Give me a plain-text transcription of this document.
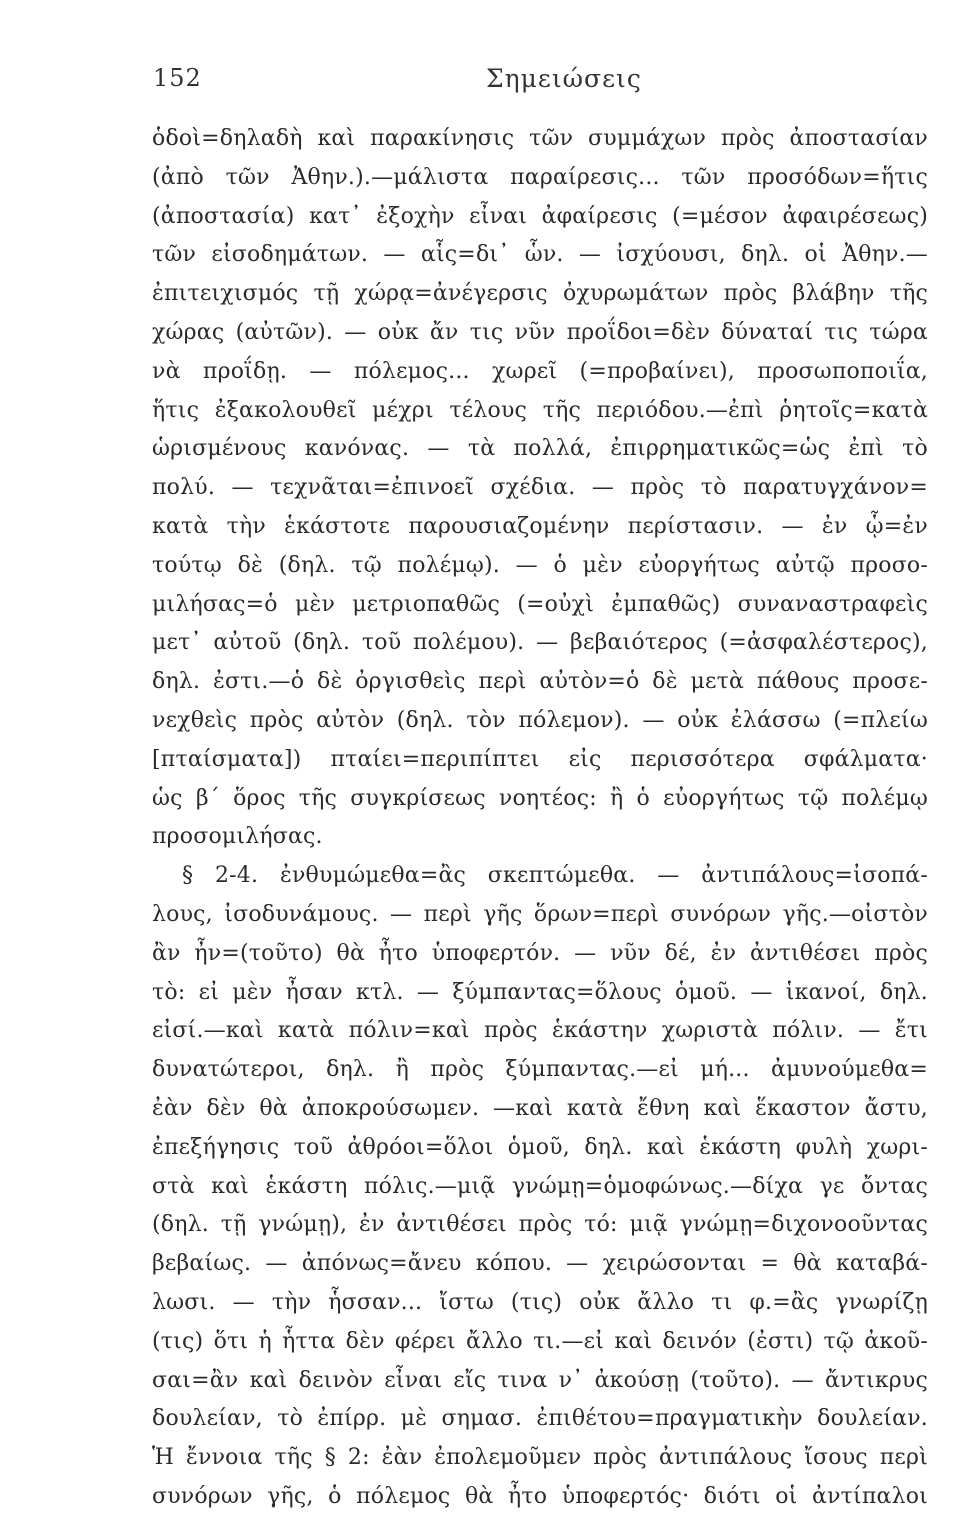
152	Σημειώσεις
ὁδοὶ=δηλαδὴ καὶ παρακίνησις τῶν συμμάχων πρὸς ἀποστασίαν
(ἀπὸ τῶν Ἀθην.).—μάλιστα παραίρεσις... τῶν προσόδων=ἥτις
(ἀποστασία) κατ᾿ ἐξοχὴν εἶναι ἀφαίρεσις (=μέσον ἀφαιρέσεως)
τῶν εἰσοδημάτων. — αἷς=δι᾿ ὧν. — ἰσχύουσι, δηλ. οἱ Ἀθην.—
ἐπιτειχισμός τῇ χώρᾳ=ἀνέγερσις ὀχυρωμάτων πρὸς βλάβην τῆς
χώρας (αὐτῶν). — οὐκ ἄν τις νῦν προΐδοι=δὲν δύναταί τις τώρα
νὰ προΐδῃ. — πόλεμος... χωρεῖ (=προβαίνει), προσωποποιΐα,
ἥτις ἐξακολουθεῖ μέχρι τέλους τῆς περιόδου.—ἐπὶ ῥητοῖς=κατὰ
ὡρισμένους κανόνας. — τὰ πολλά, ἐπιρρηματικῶς=ὡς ἐπὶ τὸ
πολύ. — τεχνᾶται=ἐπινοεῖ σχέδια. — πρὸς τὸ παρατυγχάνον=
κατὰ τὴν ἑκάστοτε παρουσιαζομένην περίστασιν. — ἐν ᾧ=ἐν
τούτῳ δὲ (δηλ. τῷ πολέμῳ). — ὁ μὲν εὐοργήτως αὐτῷ προσο-
μιλήσας=ὁ μὲν μετριοπαθῶς (=οὐχὶ ἐμπαθῶς) συναναστραφεὶς
μετ᾿ αὐτοῦ (δηλ. τοῦ πολέμου). — βεβαιότερος (=ἀσφαλέστερος),
δηλ. ἐστι.—ὁ δὲ ὀργισθεὶς περὶ αὐτὸν=ὁ δὲ μετὰ πάθους προσε-
νεχθεὶς πρὸς αὐτὸν (δηλ. τὸν πόλεμον). — οὐκ ἐλάσσω (=πλείω
[πταίσματα]) πταίει=περιπίπτει εἰς περισσότερα σφάλματα·
ὡς β´ ὅρος τῆς συγκρίσεως νοητέος: ἢ ὁ εὐοργήτως τῷ πολέμῳ
προσομιλήσας.
§ 2-4. ἐνθυμώμεθα=ἂς σκεπτώμεθα. — ἀντιπάλους=ἰσοπά-
λους, ἰσοδυνάμους. — περὶ γῆς ὅρων=περὶ συνόρων γῆς.—οἰστὸν
ἂν ἦν=(τοῦτο) θὰ ἦτο ὑποφερτόν. — νῦν δέ, ἐν ἀντιθέσει πρὸς
τὸ: εἰ μὲν ἦσαν κτλ. — ξύμπαντας=ὅλους ὁμοῦ. — ἱκανοί, δηλ.
εἰσί.—καὶ κατὰ πόλιν=καὶ πρὸς ἑκάστην χωριστὰ πόλιν. — ἔτι
δυνατώτεροι, δηλ. ἢ πρὸς ξύμπαντας.—εἰ μή... ἀμυνούμεθα=
ἐὰν δὲν θὰ ἀποκρούσωμεν. —καὶ κατὰ ἔθνη καὶ ἕκαστον ἄστυ,
ἐπεξήγησις τοῦ ἀθρόοι=ὅλοι ὁμοῦ, δηλ. καὶ ἑκάστη φυλὴ χωρι-
στὰ καὶ ἑκάστη πόλις.—μιᾷ γνώμῃ=ὁμοφώνως.—δίχα γε ὄντας
(δηλ. τῇ γνώμῃ), ἐν ἀντιθέσει πρὸς τό: μιᾷ γνώμῃ=διχονοοῦντας
βεβαίως. — ἀπόνως=ἄνευ κόπου. — χειρώσονται = θὰ καταβά-
λωσι. — τὴν ἧσσαν... ἴστω (τις) οὐκ ἄλλο τι φ.=ἂς γνωρίζῃ
(τις) ὅτι ἡ ἧττα δὲν φέρει ἄλλο τι.—εἰ καὶ δεινόν (ἐστι) τῷ ἀκοῦ-
σαι=ἂν καὶ δεινὸν εἶναι εἴς τινα ν᾿ ἀκούσῃ (τοῦτο). — ἄντικρυς
δουλείαν, τὸ ἐπίρρ. μὲ σημασ. ἐπιθέτου=πραγματικὴν δουλείαν.
Ἡ ἔννοια τῆς § 2: ἐὰν ἐπολεμοῦμεν πρὸς ἀντιπάλους ἴσους περὶ
συνόρων γῆς, ὁ πόλεμος θὰ ἦτο ὑποφερτός· διότι οἱ ἀντίπαλοι
